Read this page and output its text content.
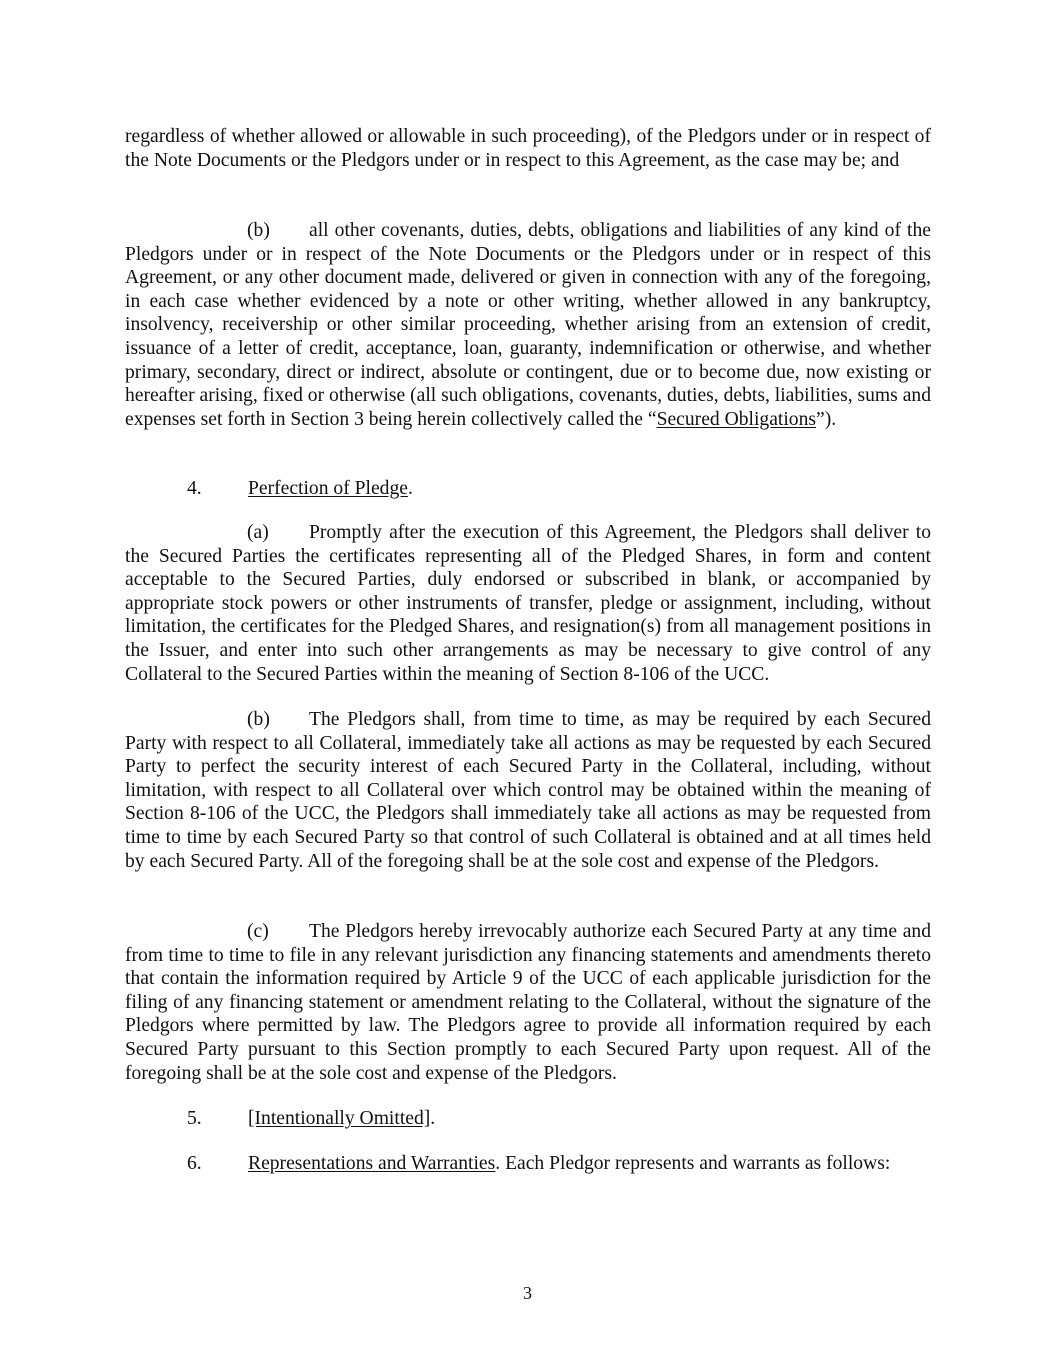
regardless of whether allowed or allowable in such proceeding), of the Pledgors under or in respect of the Note Documents or the Pledgors under or in respect to this Agreement, as the case may be; and

(b) all other covenants, duties, debts, obligations and liabilities of any kind of the Pledgors under or in respect of the Note Documents or the Pledgors under or in respect of this Agreement, or any other document made, delivered or given in connection with any of the foregoing, in each case whether evidenced by a note or other writing, whether allowed in any bankruptcy, insolvency, receivership or other similar proceeding, whether arising from an extension of credit, issuance of a letter of credit, acceptance, loan, guaranty, indemnification or otherwise, and whether primary, secondary, direct or indirect, absolute or contingent, due or to become due, now existing or hereafter arising, fixed or otherwise (all such obligations, covenants, duties, debts, liabilities, sums and expenses set forth in Section 3 being herein collectively called the “Secured Obligations”).

4. Perfection of Pledge.

(a) Promptly after the execution of this Agreement, the Pledgors shall deliver to the Secured Parties the certificates representing all of the Pledged Shares, in form and content acceptable to the Secured Parties, duly endorsed or subscribed in blank, or accompanied by appropriate stock powers or other instruments of transfer, pledge or assignment, including, without limitation, the certificates for the Pledged Shares, and resignation(s) from all management positions in the Issuer, and enter into such other arrangements as may be necessary to give control of any Collateral to the Secured Parties within the meaning of Section 8-106 of the UCC.

(b) The Pledgors shall, from time to time, as may be required by each Secured Party with respect to all Collateral, immediately take all actions as may be requested by each Secured Party to perfect the security interest of each Secured Party in the Collateral, including, without limitation, with respect to all Collateral over which control may be obtained within the meaning of Section 8-106 of the UCC, the Pledgors shall immediately take all actions as may be requested from time to time by each Secured Party so that control of such Collateral is obtained and at all times held by each Secured Party. All of the foregoing shall be at the sole cost and expense of the Pledgors.

(c) The Pledgors hereby irrevocably authorize each Secured Party at any time and from time to time to file in any relevant jurisdiction any financing statements and amendments thereto that contain the information required by Article 9 of the UCC of each applicable jurisdiction for the filing of any financing statement or amendment relating to the Collateral, without the signature of the Pledgors where permitted by law. The Pledgors agree to provide all information required by each Secured Party pursuant to this Section promptly to each Secured Party upon request. All of the foregoing shall be at the sole cost and expense of the Pledgors.

5. [Intentionally Omitted].

6. Representations and Warranties. Each Pledgor represents and warrants as follows:

3
